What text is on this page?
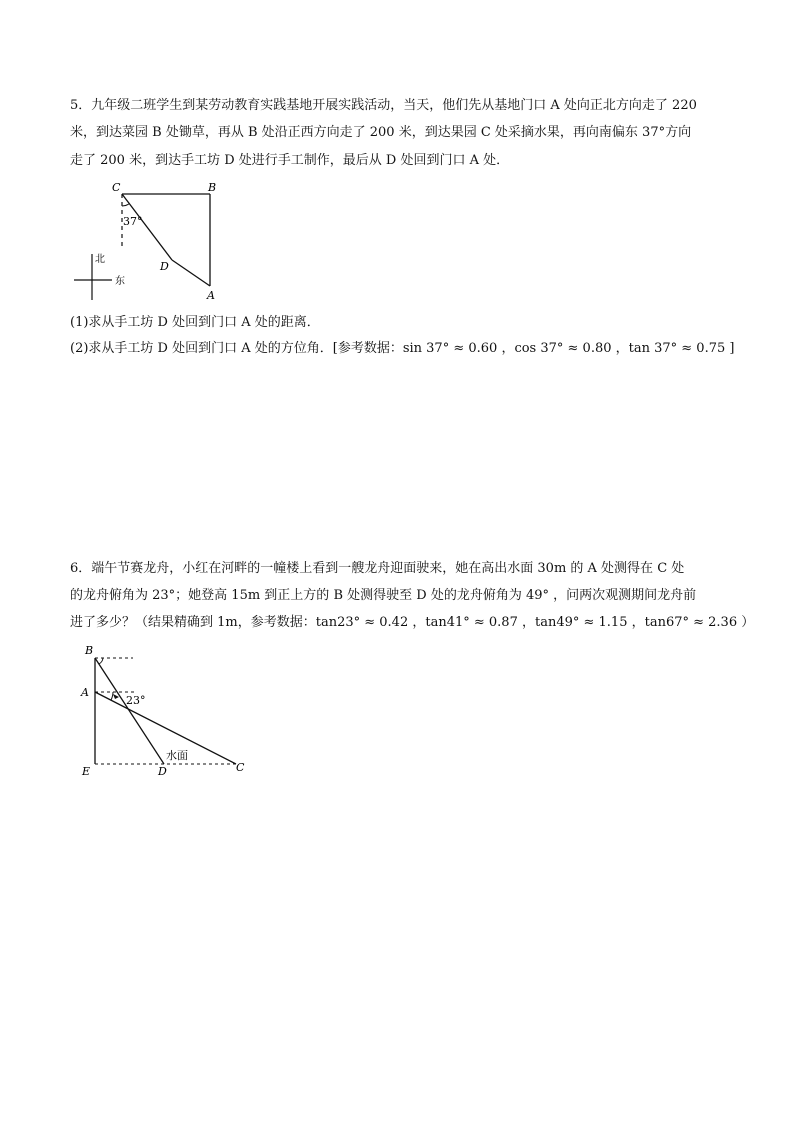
5．九年级二班学生到某劳动教育实践基地开展实践活动，当天，他们先从基地门口 A 处向正北方向走了 220
米，到达菜园 B 处锄草，再从 B 处沿正西方向走了 200 米，到达果园 C 处采摘水果，再向南偏东 37°方向
走了 200 米，到达手工坊 D 处进行手工制作，最后从 D 处回到门口 A 处．
C	B
A
D
37°
北
东
(1)求从手工坊 D 处回到门口 A 处的距离．
(2)求从手工坊 D 处回到门口 A 处的方位角．[参考数据：sin 37° ≈ 0.60 ，cos 37° ≈ 0.80 ，tan 37° ≈ 0.75 ]
6．端午节赛龙舟，小红在河畔的一幢楼上看到一艘龙舟迎面驶来，她在高出水面 30m 的 A 处测得在 C 处
的龙舟俯角为 23°；她登高 15m 到正上方的 B 处测得驶至 D 处的龙舟俯角为 49° ，问两次观测期间龙舟前
进了多少？（结果精确到 1m，参考数据：tan23° ≈ 0.42 ，tan41° ≈ 0.87 ，tan49° ≈ 1.15 ，tan67° ≈ 2.36 ）
B
A
E	D	C
23°
水面
